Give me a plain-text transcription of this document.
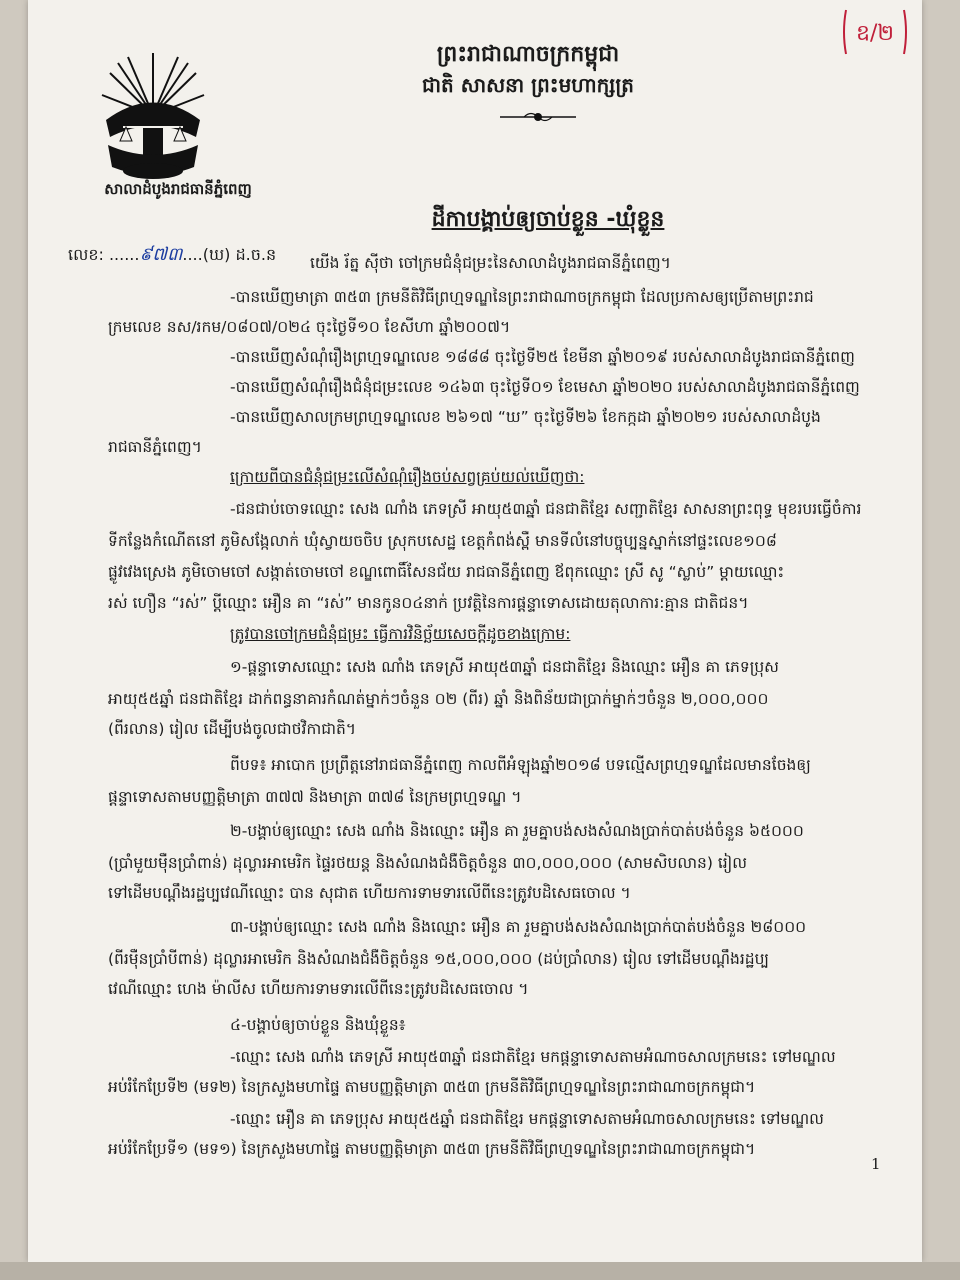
សាលាដំបូងរាជធានីភ្នំពេញ
ព្រះរាជាណាចក្រកម្ពុជា
ជាតិ សាសនា ព្រះមហាក្សត្រ
ឧ/២
ដីកាបង្គាប់ឲ្យចាប់ខ្លួន -ឃុំខ្លួន
លេខ: ......៩៧៣....(ឃ) ដ.ច.ន យើង រ័ត្ន ស៊ីថា ចៅក្រមជំនុំជម្រះនៃសាលាដំបូងរាជធានីភ្នំពេញ។
-បានឃើញមាត្រា ៣៥៣ ក្រមនីតិវិធីព្រហ្មទណ្ឌនៃព្រះរាជាណាចក្រកម្ពុជា ដែលប្រកាសឲ្យប្រើតាមព្រះរាជ
ក្រមលេខ នស/រកម/០៨០៧/០២៤ ចុះថ្ងៃទី១០ ខែសីហា ឆ្នាំ២០០៧។
-បានឃើញសំណុំរឿងព្រហ្មទណ្ឌលេខ ១៨៨៨ ចុះថ្ងៃទី២៥ ខែមីនា ឆ្នាំ២០១៩ របស់សាលាដំបូងរាជធានីភ្នំពេញ
-បានឃើញសំណុំរឿងជំនុំជម្រះលេខ ១៤៦៣ ចុះថ្ងៃទី០១ ខែមេសា ឆ្នាំ២០២០ របស់សាលាដំបូងរាជធានីភ្នំពេញ
-បានឃើញសាលក្រមព្រហ្មទណ្ឌលេខ ២៦១៧ “ឃ” ចុះថ្ងៃទី២៦ ខែកក្កដា ឆ្នាំ២០២១ របស់សាលាដំបូង
រាជធានីភ្នំពេញ។
ក្រោយពីបានជំនុំជម្រះលើសំណុំរឿងចប់សព្វគ្រប់យល់ឃើញថា:
-ជនជាប់ចោទឈ្មោះ សេង ណាំង ភេទស្រី អាយុ៥៣ឆ្នាំ ជនជាតិខ្មែរ សញ្ជាតិខ្មែរ សាសនាព្រះពុទ្ធ មុខរបរធ្វើចំការ
ទីកន្លែងកំណើតនៅ ភូមិសង្កែលាក់ ឃុំស្វាយចចិប ស្រុកបសេដ្ឋ ខេត្តកំពង់ស្ពឺ មានទីលំនៅបច្ចុប្បន្នស្នាក់នៅផ្ទះលេខ១០៨
ផ្លូវវេងស្រេង ភូមិចោមចៅ សង្កាត់ចោមចៅ ខណ្ឌពោធិ៍សែនជ័យ រាជធានីភ្នំពេញ ឪពុកឈ្មោះ ស្រី សូ “ស្លាប់” ម្តាយឈ្មោះ
រស់ ហឿន “រស់” ប្តីឈ្មោះ អឿន គា “រស់” មានកូន០៤នាក់ ប្រវត្តិនៃការផ្តន្ទាទោសដោយតុលាការ:គ្មាន ជាតិជន។
ត្រូវបានចៅក្រមជំនុំជម្រះ ធ្វើការវិនិច្ឆ័យសេចក្តីដូចខាងក្រោម:
១-ផ្តន្ទាទោសឈ្មោះ សេង ណាំង ភេទស្រី អាយុ៥៣ឆ្នាំ ជនជាតិខ្មែរ និងឈ្មោះ អឿន គា ភេទប្រុស
អាយុ៥៥ឆ្នាំ ជនជាតិខ្មែរ ដាក់ពន្ធនាគារកំណត់ម្នាក់ៗចំនួន ០២ (ពីរ) ឆ្នាំ និងពិន័យជាប្រាក់ម្នាក់ៗចំនួន ២,០០០,០០០
(ពីរលាន) រៀល ដើម្បីបង់ចូលជាថវិកាជាតិ។
ពីបទ៖ អាបោក ប្រព្រឹត្តនៅរាជធានីភ្នំពេញ កាលពីអំឡុងឆ្នាំ២០១៨ បទល្មើសព្រហ្មទណ្ឌដែលមានចែងឲ្យ
ផ្តន្ទាទោសតាមបញ្ញត្តិមាត្រា ៣៧៧ និងមាត្រា ៣៧៨ នៃក្រមព្រហ្មទណ្ឌ ។
២-បង្គាប់ឲ្យឈ្មោះ សេង ណាំង និងឈ្មោះ អឿន គា រួមគ្នាបង់សងសំណងប្រាក់បាត់បង់ចំនួន ៦៥០០០
(ប្រាំមួយម៉ឺនប្រាំពាន់) ដុល្លារអាមេរិក ផ្ទៃរថយន្ត និងសំណងជំងឺចិត្តចំនួន ៣០,០០០,០០០ (សាមសិបលាន) រៀល
ទៅដើមបណ្តឹងរដ្ឋប្បវេណីឈ្មោះ បាន សុជាត ហើយការទាមទារលើពីនេះត្រូវបដិសេធចោល ។
៣-បង្គាប់ឲ្យឈ្មោះ សេង ណាំង និងឈ្មោះ អឿន គា រួមគ្នាបង់សងសំណងប្រាក់បាត់បង់ចំនួន ២៨០០០
(ពីរម៉ឺនប្រាំបីពាន់) ដុល្លារអាមេរិក និងសំណងជំងឺចិត្តចំនួន ១៥,០០០,០០០ (ដប់ប្រាំលាន) រៀល ទៅដើមបណ្តឹងរដ្ឋប្ប
វេណីឈ្មោះ ហេង ម៉ាលីស ហើយការទាមទារលើពីនេះត្រូវបដិសេធចោល ។
៤-បង្គាប់ឲ្យចាប់ខ្លួន និងឃុំខ្លួន៖
-ឈ្មោះ សេង ណាំង ភេទស្រី អាយុ៥៣ឆ្នាំ ជនជាតិខ្មែរ មកផ្តន្ទាទោសតាមអំណាចសាលក្រមនេះ ទៅមណ្ឌល
អប់រំកែប្រែទី២ (មទ២) នៃក្រសួងមហាផ្ទៃ តាមបញ្ញត្តិមាត្រា ៣៥៣ ក្រមនីតិវិធីព្រហ្មទណ្ឌនៃព្រះរាជាណាចក្រកម្ពុជា។
-ឈ្មោះ អឿន គា ភេទប្រុស អាយុ៥៥ឆ្នាំ ជនជាតិខ្មែរ មកផ្តន្ទាទោសតាមអំណាចសាលក្រមនេះ ទៅមណ្ឌល
អប់រំកែប្រែទី១ (មទ១) នៃក្រសួងមហាផ្ទៃ តាមបញ្ញត្តិមាត្រា ៣៥៣ ក្រមនីតិវិធីព្រហ្មទណ្ឌនៃព្រះរាជាណាចក្រកម្ពុជា។
1
